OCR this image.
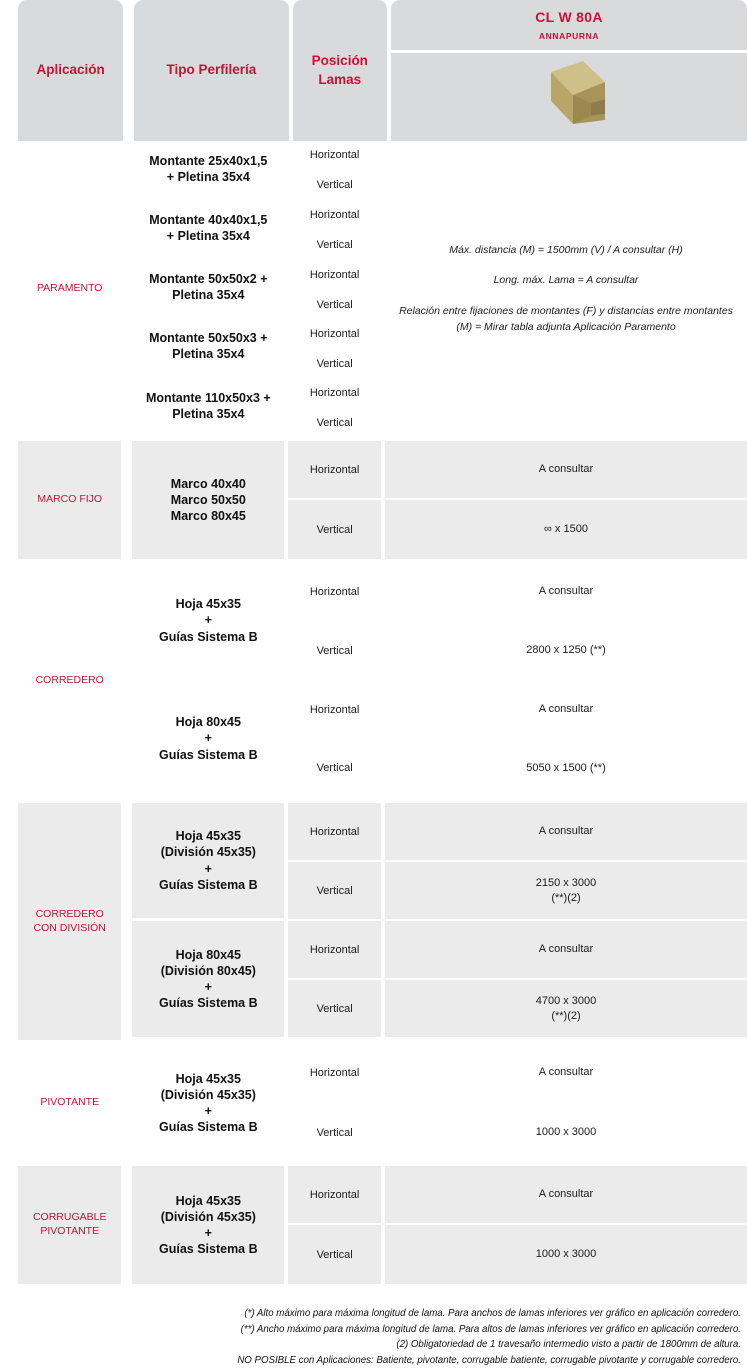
Aplicación	Tipo Perfilería
Posición
Lamas
CL W 80A
ANNAPURNA
PARAMENTO
Montante 25x40x1,5
+ Pletina 35x4
Montante 40x40x1,5
+ Pletina 35x4
Montante 50x50x2 +
Pletina 35x4
Montante 50x50x3 +
Pletina 35x4
Montante 110x50x3 +
Pletina 35x4
Horizontal
Vertical
Horizontal
Vertical
Horizontal
Vertical
Horizontal
Vertical
Horizontal
Vertical

Máx. distancia (M) = 1500mm (V) / A consultar (H)

Long. máx. Lama = A consultar

Relación entre fijaciones de montantes (F) y distancias entre montantes (M) = Mirar tabla adjunta Aplicación Paramento

MARCO FIJO
Marco 40x40
Marco 50x50
Marco 80x45
Horizontal
Vertical
A consultar
∞ x 1500
CORREDERO
Hoja 45x35
+
Guías Sistema B
Hoja 80x45
+
Guías Sistema B
Horizontal
Vertical
Horizontal
Vertical
A consultar
2800 x 1250 (**)
A consultar
5050 x 1500 (**)
CORREDERO
CON DIVISIÓN
Hoja 45x35
(División 45x35)
+
Guías Sistema B
Hoja 80x45
(División 80x45)
+
Guías Sistema B
Horizontal
Vertical
Horizontal
Vertical
A consultar
2150 x 3000
(**)(2)
A consultar
4700 x 3000
(**)(2)
PIVOTANTE
Hoja 45x35
(División 45x35)
+
Guías Sistema B
Horizontal
Vertical
A consultar
1000 x 3000
CORRUGABLE
PIVOTANTE
Hoja 45x35
(División 45x35)
+
Guías Sistema B
Horizontal
Vertical
A consultar
1000 x 3000
(*) Alto máximo para máxima longitud de lama. Para anchos de lamas inferiores ver gráfico en aplicación corredero.
(**) Ancho máximo para máxima longitud de lama. Para altos de lamas inferiores ver gráfico en aplicación corredero.
(2) Obligatoriedad de 1 travesaño intermedio visto a partir de 1800mm de altura.
NO POSIBLE con Aplicaciones: Batiente, pivotante, corrugable batiente, corrugable pivotante y corrugable corredero.
